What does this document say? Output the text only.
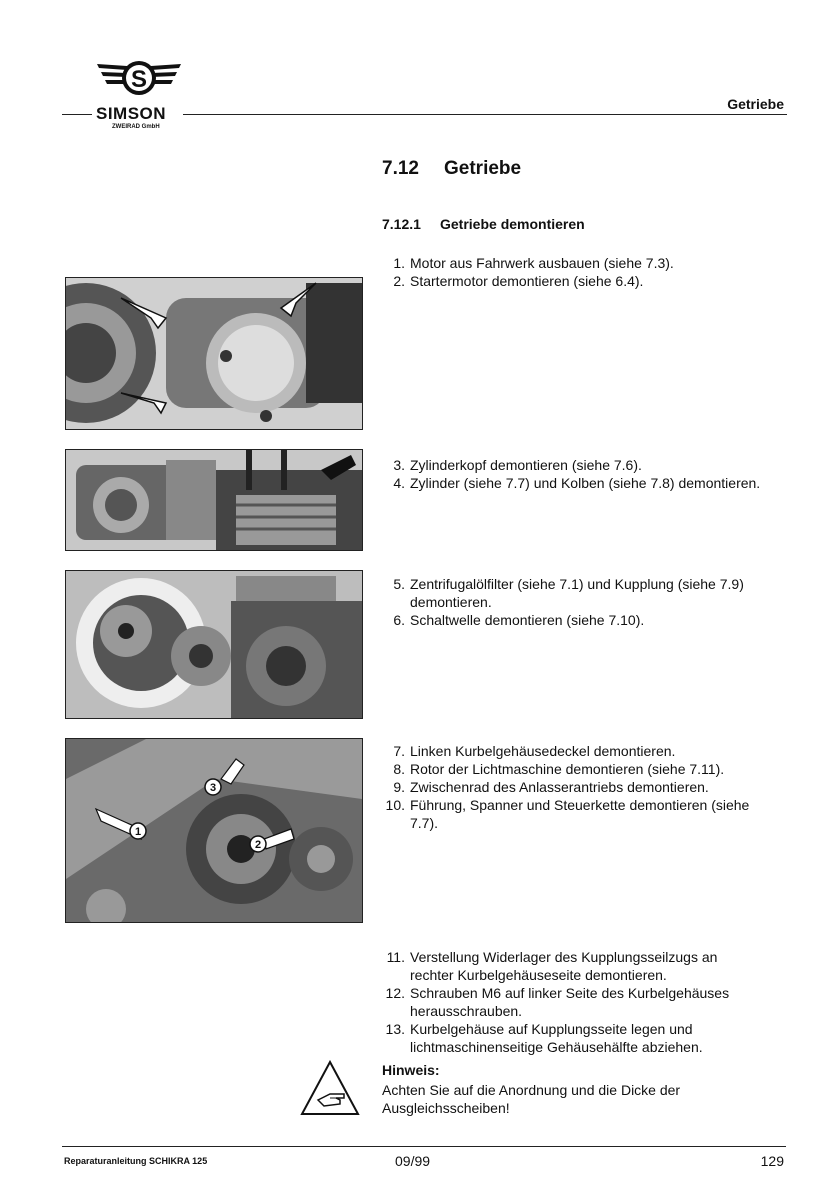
S
SIMSON
ZWEIRAD GmbH
Getriebe
7.12 Getriebe
7.12.1 Getriebe demontieren
1. Motor aus Fahrwerk ausbauen (siehe 7.3).
2. Startermotor demontieren (siehe 6.4).
3. Zylinderkopf demontieren (siehe 7.6).
4. Zylinder (siehe 7.7) und Kolben (siehe 7.8) demontieren.
5. Zentrifugalölfilter (siehe 7.1) und Kupplung (siehe 7.9) demontieren.
6. Schaltwelle demontieren (siehe 7.10).
1
2
3
7. Linken Kurbelgehäusedeckel demontieren.
8. Rotor der Lichtmaschine demontieren (siehe 7.11).
9. Zwischenrad des Anlasserantriebs demontieren.
10. Führung, Spanner und Steuerkette demontieren (siehe 7.7).
11. Verstellung Widerlager des Kupplungsseilzugs an rechter Kurbelgehäuseseite demontieren.
12. Schrauben M6 auf linker Seite des Kurbelgehäuses herausschrauben.
13. Kurbelgehäuse auf Kupplungsseite legen und lichtmaschinenseitige Gehäusehälfte abziehen.
Hinweis:
Achten Sie auf die Anordnung und die Dicke der Ausgleichsscheiben!
Reparaturanleitung SCHIKRA 125	09/99	129
